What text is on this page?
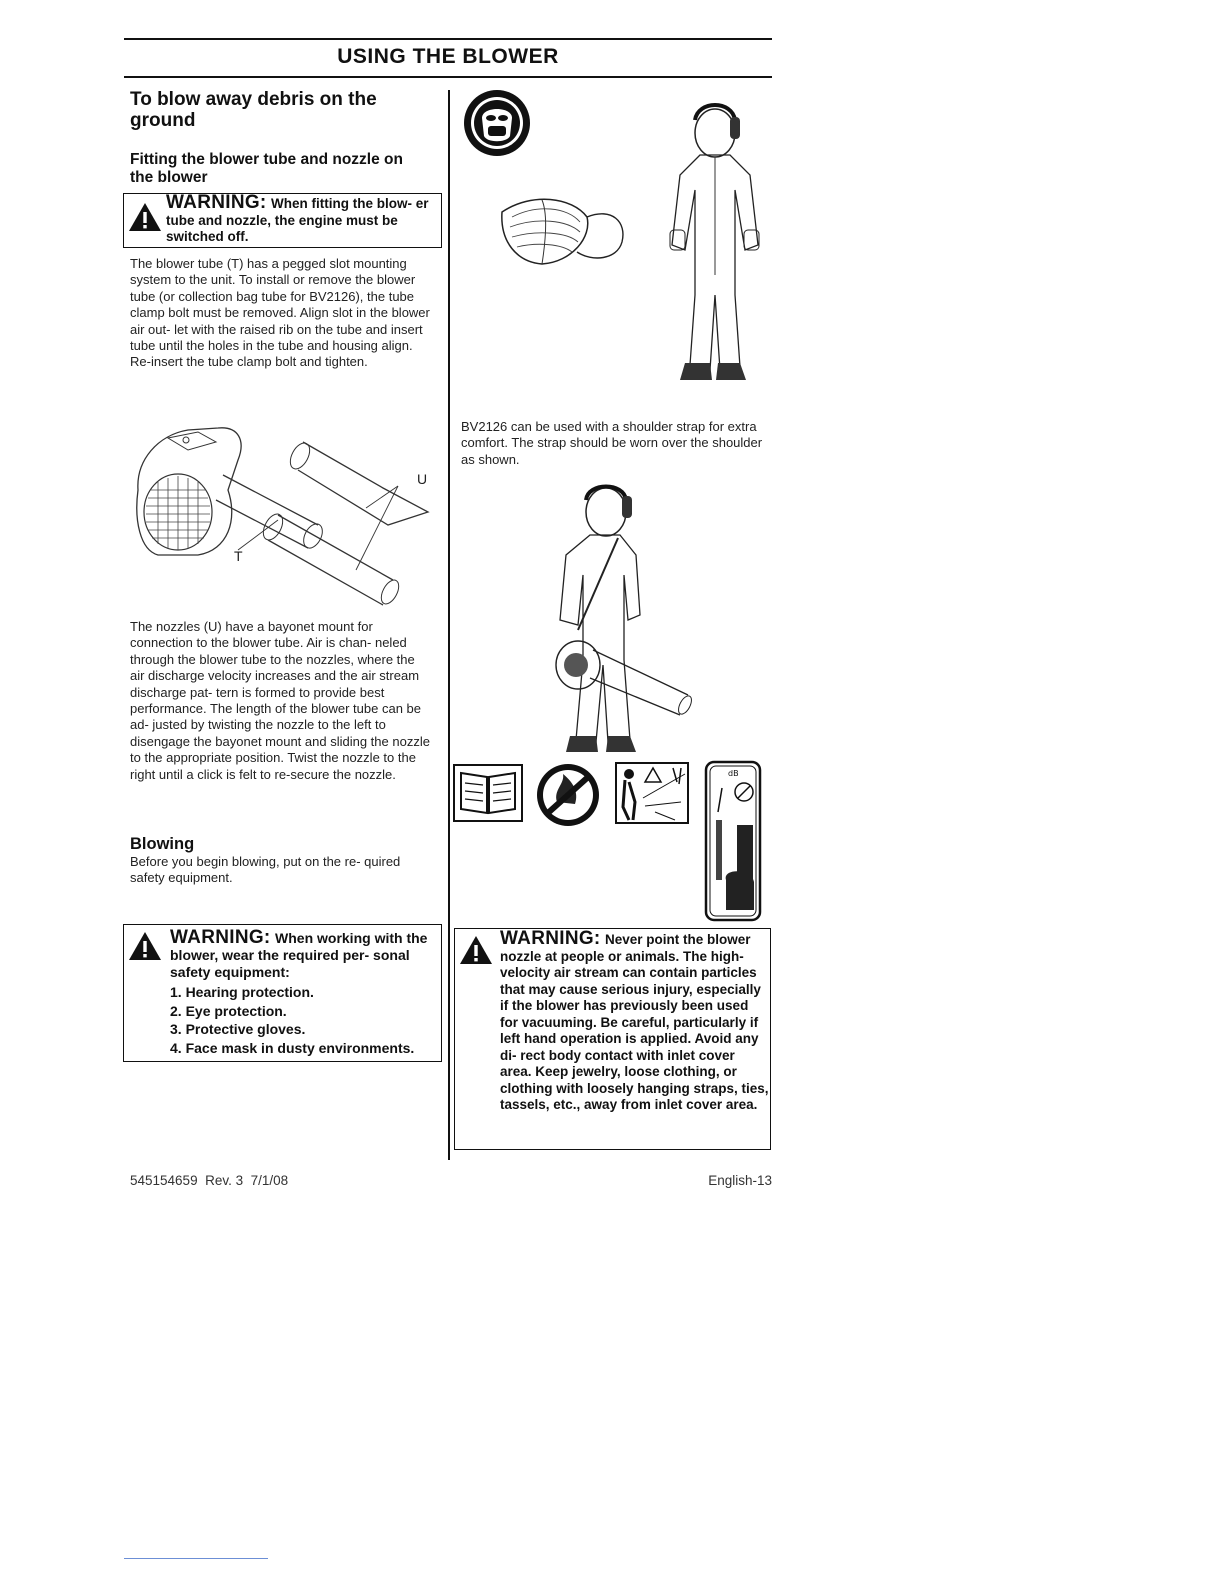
USING THE BLOWER
To blow away debris on the ground
Fitting the blower tube and nozzle on the blower
WARNING: When fitting the blow- er tube and nozzle, the engine must be switched off.
The blower tube (T) has a pegged slot mounting system to the unit. To install or remove the blower tube (or collection bag tube for BV2126), the tube clamp bolt must be removed. Align slot in the blower air out- let with the raised rib on the tube and insert tube until the holes in the tube and housing align. Re-insert the tube clamp bolt and tighten.
U
T
The nozzles (U) have a bayonet mount for connection to the blower tube. Air is chan- neled through the blower tube to the nozzles, where the air discharge velocity increases and the air stream discharge pat- tern is formed to provide best performance. The length of the blower tube can be ad- justed by twisting the nozzle to the left to disengage the bayonet mount and sliding the nozzle to the appropriate position. Twist the nozzle to the right until a click is felt to re-secure the nozzle.
Blowing
Before you begin blowing, put on the re- quired safety equipment.
WARNING: When working with the blower, wear the required per- sonal safety equipment:
1. Hearing protection.
2. Eye protection.
3. Protective gloves.
4. Face mask in dusty environments.
BV2126 can be used with a shoulder strap for extra comfort. The strap should be worn over the shoulder as shown.
dB
WARNING: Never point the blower nozzle at people or animals. The high-velocity air stream can contain particles that may cause serious injury, especially if the blower has previously been used for vacuuming. Be careful, particularly if left hand operation is applied. Avoid any di- rect body contact with inlet cover area. Keep jewelry, loose clothing, or clothing with loosely hanging straps, ties, tassels, etc., away from inlet cover area.
545154659  Rev. 3  7/1/08	English-13
